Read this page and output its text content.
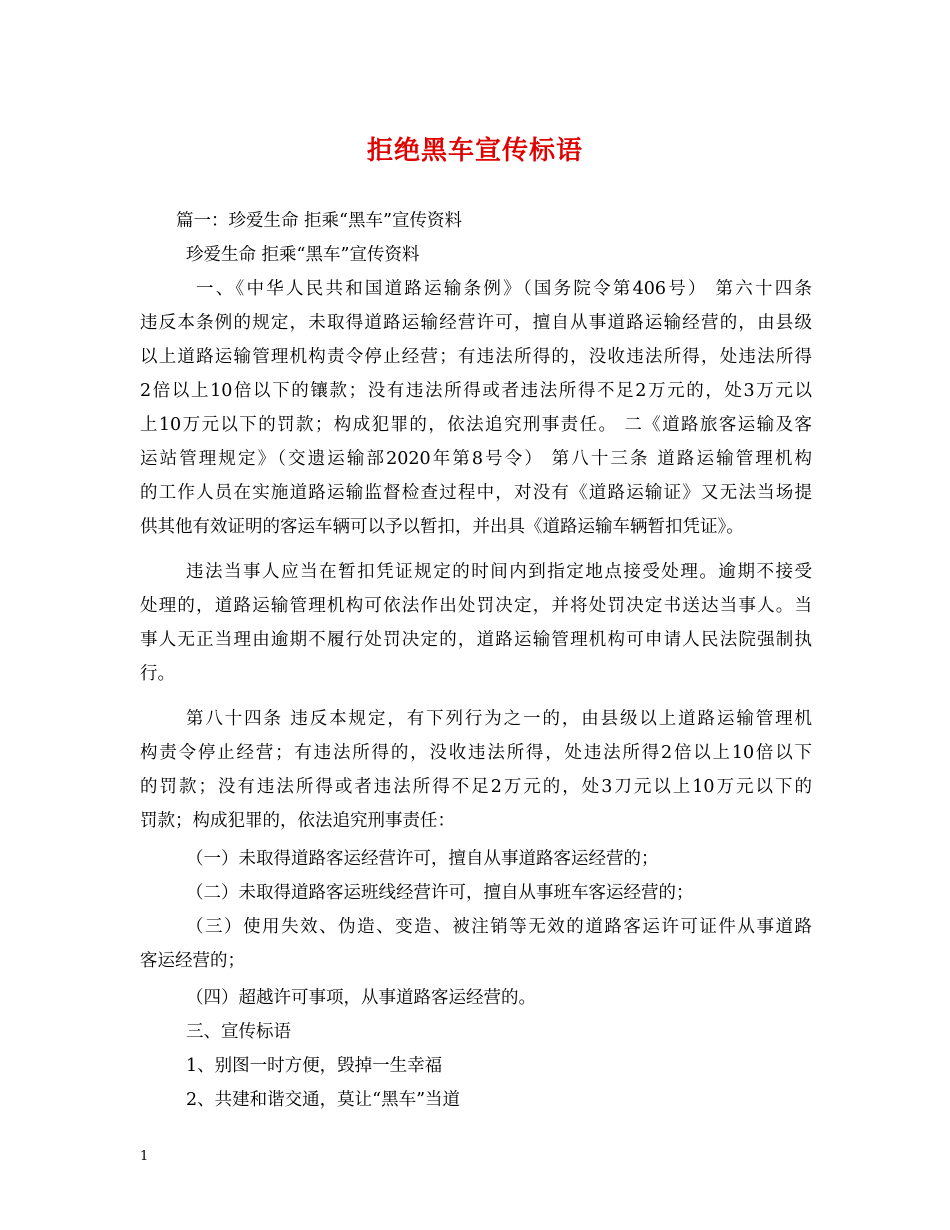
拒绝黑车宣传标语
篇一：珍爱生命 拒乘“黑车”宣传资料
珍爱生命 拒乘“黑车”宣传资料
一、《中华人民共和国道路运输条例》（国务院令第406号） 第六十四条
违反本条例的规定，未取得道路运输经营许可，擅自从事道路运输经营的，由县级
以上道路运输管理机构责令停止经营；有违法所得的，没收违法所得，处违法所得
2倍以上10倍以下的镶款；没有违法所得或者违法所得不足2万元的，处3万元以
上10万元以下的罚款；构成犯罪的，依法追究刑事责任。 二《道路旅客运输及客
运站管理规定》（交遗运输部2020年第8号令） 第八十三条 道路运输管理机构
的工作人员在实施道路运输监督检查过程中，对没有《道路运输证》又无法当场提
供其他有效证明的客运车辆可以予以暂扣，并出具《道路运输车辆暂扣凭证》。
违法当事人应当在暂扣凭证规定的时间内到指定地点接受处理。逾期不接受
处理的，道路运输管理机构可依法作出处罚决定，并将处罚决定书送达当事人。当
事人无正当理由逾期不履行处罚决定的，道路运输管理机构可申请人民法院强制执
行。
第八十四条 违反本规定，有下列行为之一的，由县级以上道路运输管理机
构责令停止经营；有违法所得的，没收违法所得，处违法所得2倍以上10倍以下
的罚款；没有违法所得或者违法所得不足2万元的，处3刀元以上10万元以下的
罚款；构成犯罪的，依法追究刑事责任：
（一）未取得道路客运经营许可，擅自从事道路客运经营的；
（二）未取得道路客运班线经营许可，擅自从事班车客运经营的；
（三）使用失效、伪造、变造、被注销等无效的道路客运许可证件从事道路
客运经营的；
（四）超越许可事项，从事道路客运经营的。
三、宣传标语
1、别图一时方便，毁掉一生幸福
2、共建和谐交通，莫让“黑车”当道
1
